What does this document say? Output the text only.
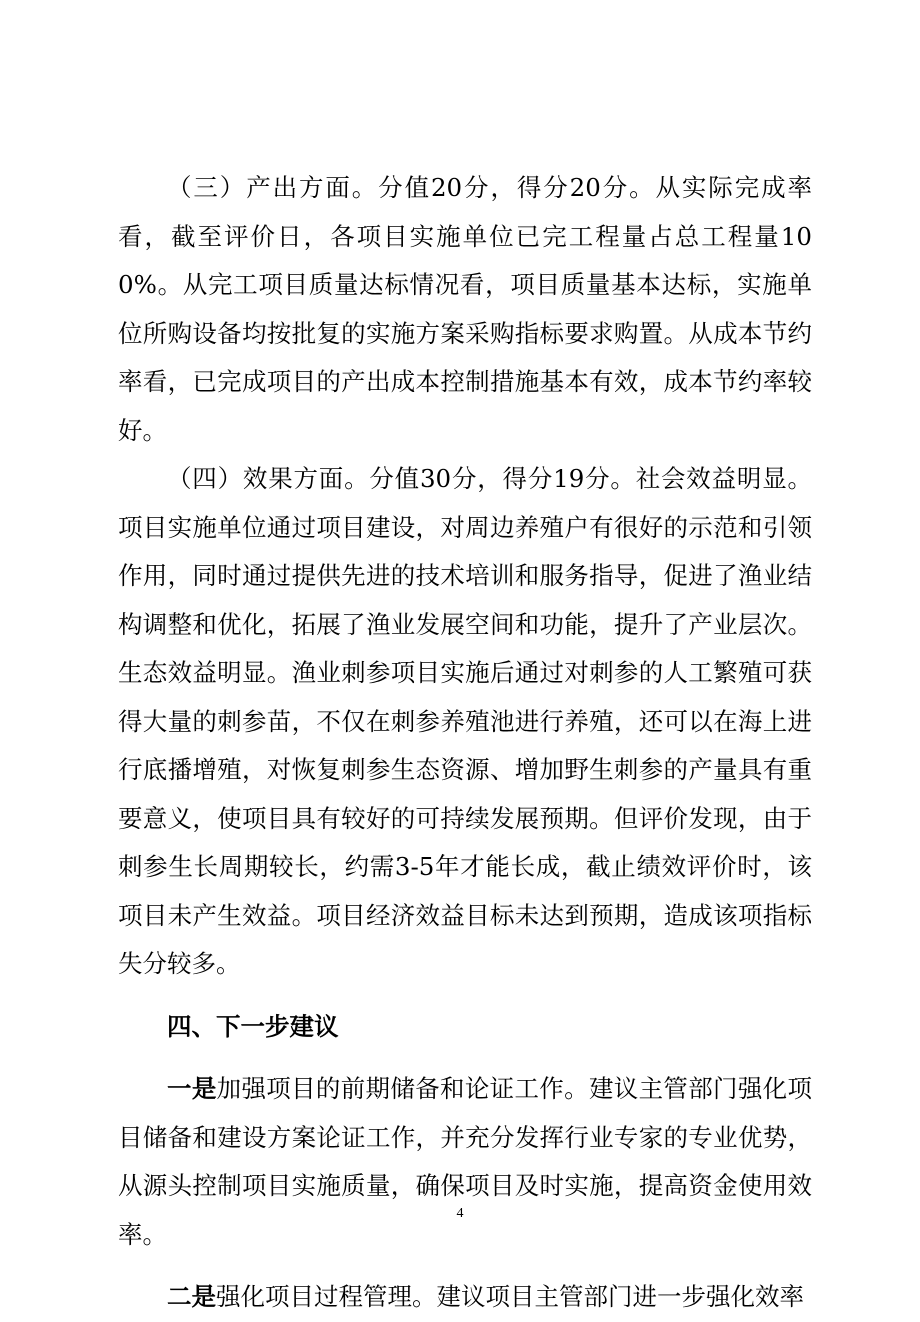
（三）产出方面。分值20分，得分20分。从实际完成率看，截至评价日，各项目实施单位已完工程量占总工程量100%。从完工项目质量达标情况看，项目质量基本达标，实施单位所购设备均按批复的实施方案采购指标要求购置。从成本节约率看，已完成项目的产出成本控制措施基本有效，成本节约率较好。

（四）效果方面。分值30分，得分19分。社会效益明显。项目实施单位通过项目建设，对周边养殖户有很好的示范和引领作用，同时通过提供先进的技术培训和服务指导，促进了渔业结构调整和优化，拓展了渔业发展空间和功能，提升了产业层次。生态效益明显。渔业刺参项目实施后通过对刺参的人工繁殖可获得大量的刺参苗，不仅在刺参养殖池进行养殖，还可以在海上进行底播增殖，对恢复刺参生态资源、增加野生刺参的产量具有重要意义，使项目具有较好的可持续发展预期。但评价发现，由于刺参生长周期较长，约需3-5年才能长成，截止绩效评价时，该项目未产生效益。项目经济效益目标未达到预期，造成该项指标失分较多。

四、下一步建议

一是加强项目的前期储备和论证工作。建议主管部门强化项目储备和建设方案论证工作，并充分发挥行业专家的专业优势，从源头控制项目实施质量，确保项目及时实施，提高资金使用效率。

二是强化项目过程管理。建议项目主管部门进一步强化效率

4
